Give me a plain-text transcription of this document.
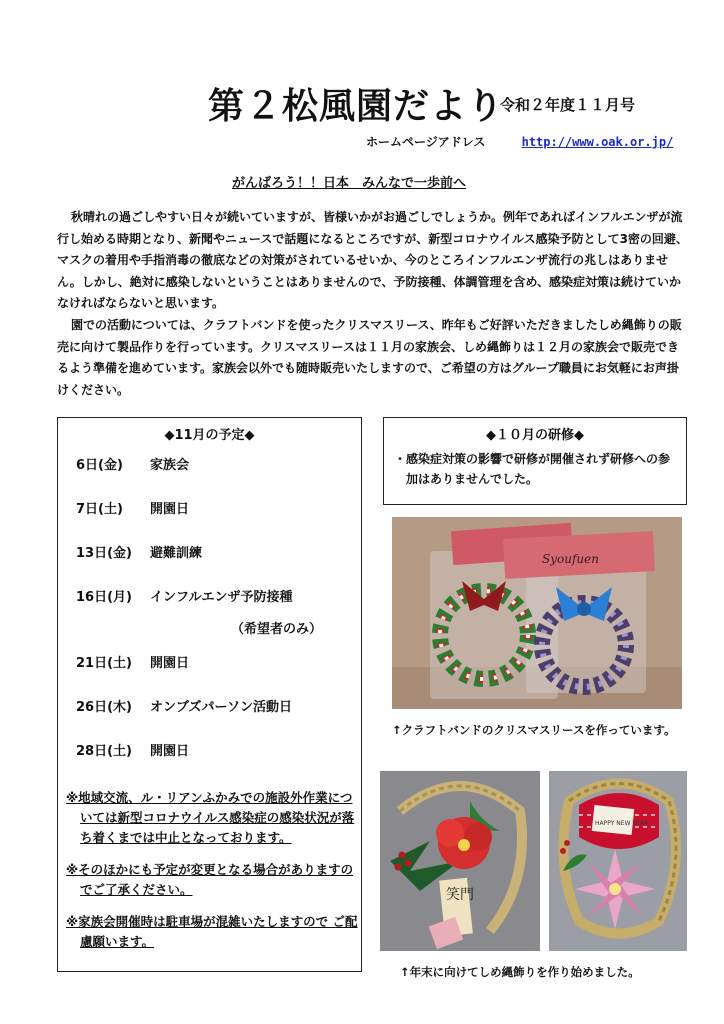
第２松風園だより
令和２年度１１月号
ホームページアドレス	http://www.oak.or.jp/
がんばろう！！日本　みんなで一歩前へ

秋晴れの過ごしやすい日々が続いていますが、皆様いかがお過ごしでしょうか。例年であればインフルエンザが流行し始める時期となり、新聞やニュースで話題になるところですが、新型コロナウイルス感染予防として3密の回避、マスクの着用や手指消毒の徹底などの対策がされているせいか、今のところインフルエンザ流行の兆しはありません。しかし、絶対に感染しないということはありませんので、予防接種、体調管理を含め、感染症対策は続けていかなければならないと思います。

園での活動については、クラフトバンドを使ったクリスマスリース、昨年もご好評いただきましたしめ縄飾りの販売に向けて製品作りを行っています。クリスマスリースは１１月の家族会、しめ縄飾りは１２月の家族会で販売できるよう準備を進めています。家族会以外でも随時販売いたしますので、ご希望の方はグループ職員にお気軽にお声掛けください。

◆11月の予定◆
6日(金) 家族会
7日(土) 開園日
13日(金) 避難訓練
16日(月) インフルエンザ予防接種
（希望者のみ）
21日(土) 開園日
26日(木) オンブズパーソン活動日
28日(土) 開園日
※地域交流、ル・リアンふかみでの施設外作業については新型コロナウイルス感染症の感染状況が落ち着くまでは中止となっております。
※そのほかにも予定が変更となる場合がありますのでご了承ください。
※家族会開催時は駐車場が混雑いたしますので ご配慮願います。
◆１０月の研修◆
・感染症対策の影響で研修が開催されず研修への参加はありませんでした。
Syoufuen
↑クラフトバンドのクリスマスリースを作っています。
笑門
HAPPY NEW YEAR
↑年末に向けてしめ縄飾りを作り始めました。
